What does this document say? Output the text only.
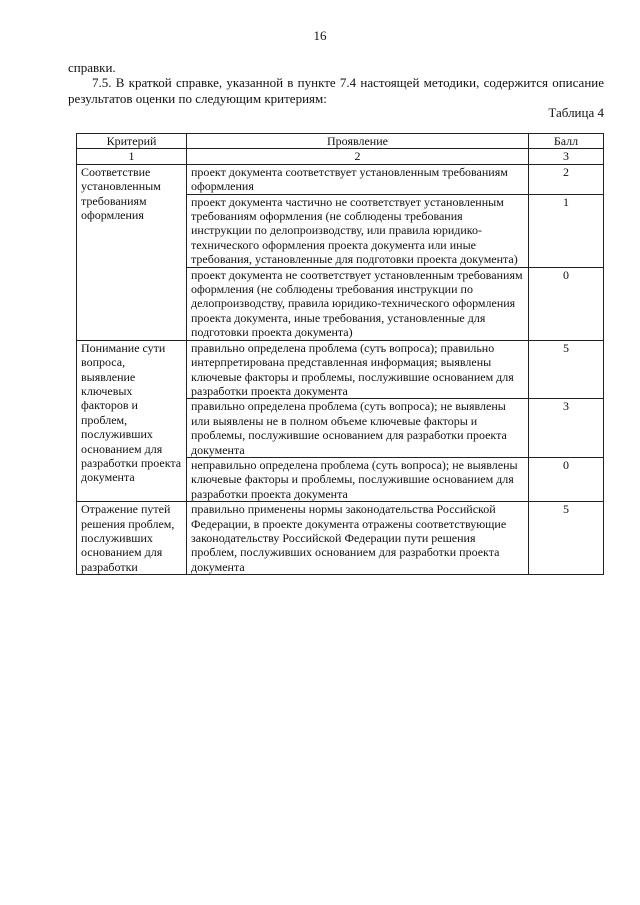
16
справки.
7.5. В краткой справке, указанной в пункте 7.4 настоящей методики, содержится описание результатов оценки по следующим критериям:
Таблица 4
Критерий	Проявление	Балл
1	2	3
Соответствие установленным требованиям оформления	проект документа соответствует установленным требованиям оформления	2
	проект документа частично не соответствует установленным требованиям оформления (не соблюдены требования инструкции по делопроизводству, или правила юридико-технического оформления проекта документа или иные требования, установленные для подготовки проекта документа)	1
	проект документа не соответствует установленным требованиям оформления (не соблюдены требования инструкции по делопроизводству, правила юридико-технического оформления проекта документа, иные требования, установленные для подготовки проекта документа)	0
Понимание сути вопроса, выявление ключевых факторов и проблем, послуживших основанием для разработки проекта документа	правильно определена проблема (суть вопроса); правильно интерпретирована представленная информация; выявлены ключевые факторы и проблемы, послужившие основанием для разработки проекта документа	5
	правильно определена проблема (суть вопроса); не выявлены или выявлены не в полном объеме ключевые факторы и проблемы, послужившие основанием для разработки проекта документа	3
	неправильно определена проблема (суть вопроса); не выявлены ключевые факторы и проблемы, послужившие основанием для разработки проекта документа	0
Отражение путей решения проблем, послуживших основанием для разработки	правильно применены нормы законодательства Российской Федерации, в проекте документа отражены соответствующие законодательству Российской Федерации пути решения проблем, послуживших основанием для разработки проекта документа	5
